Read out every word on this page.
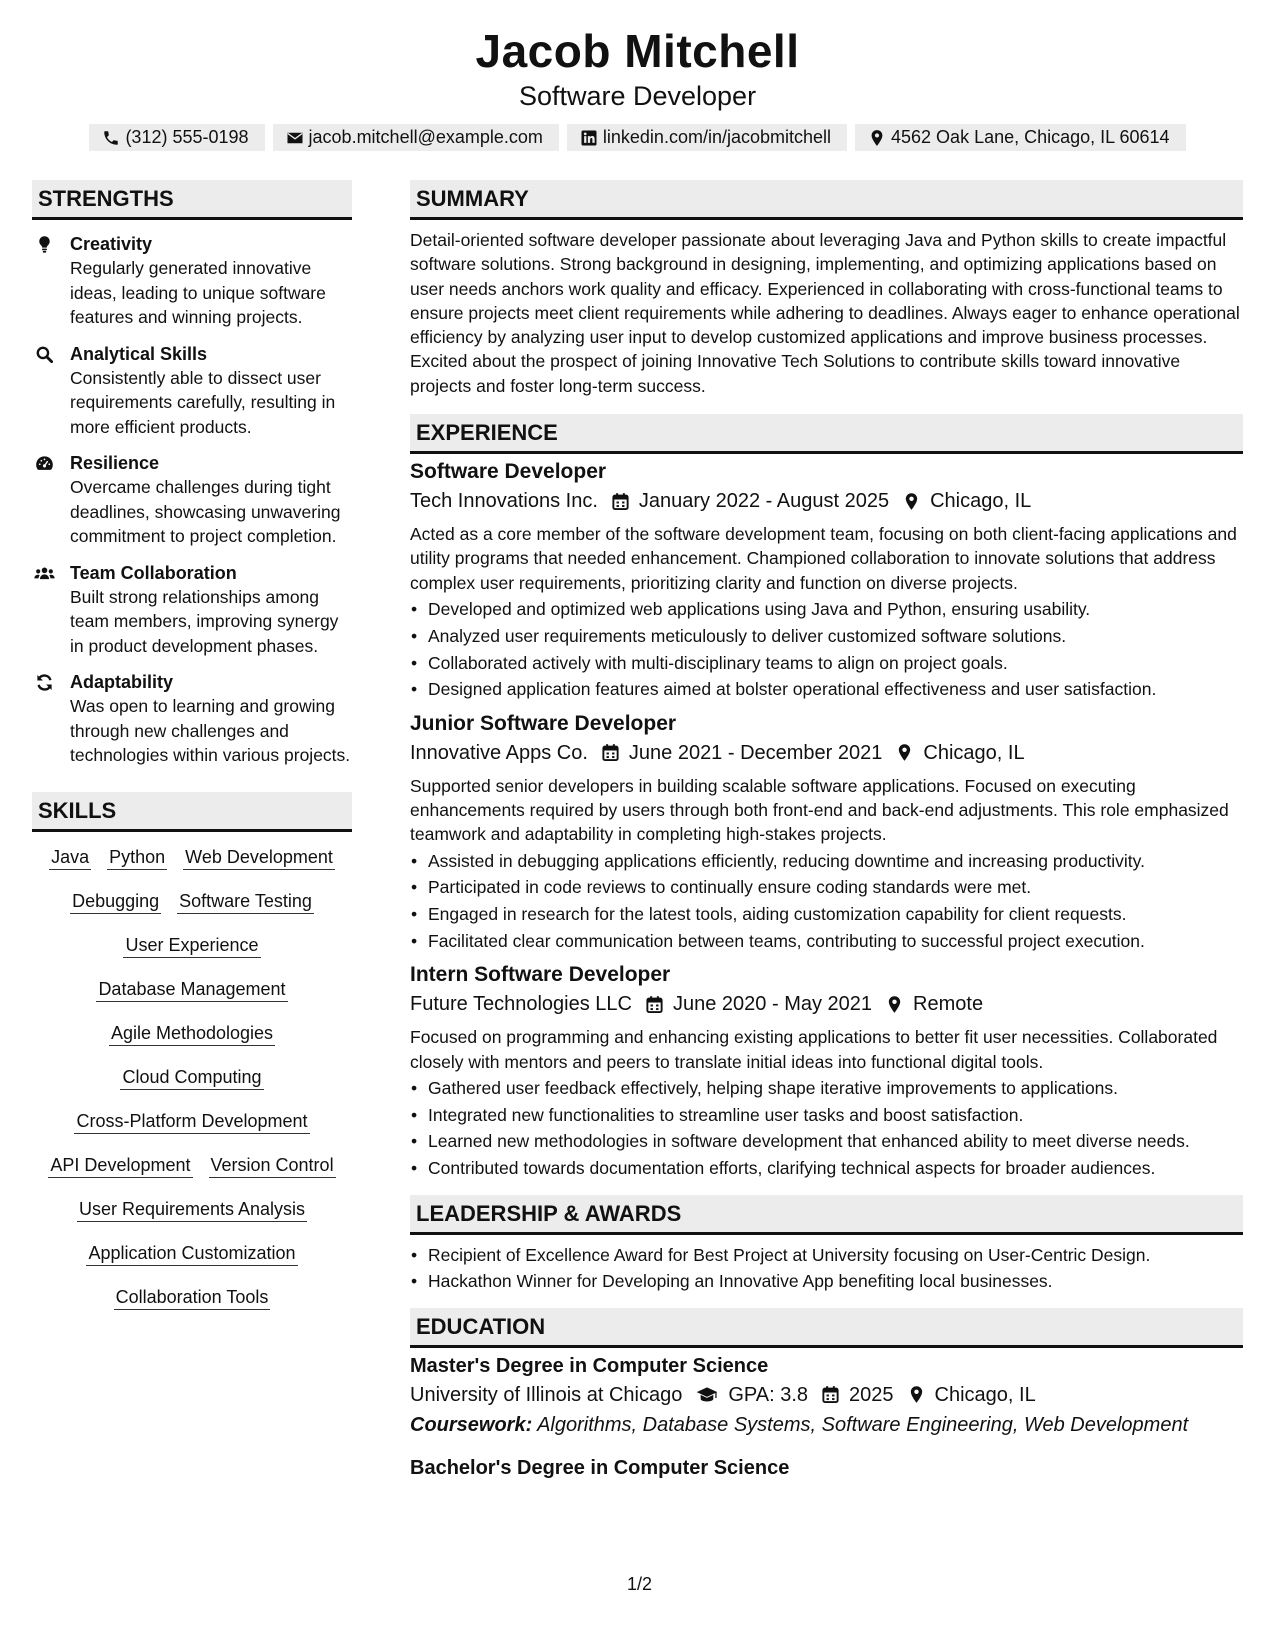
Jacob Mitchell
Software Developer
(312) 555-0198	jacob.mitchell@example.com	linkedin.com/in/jacobmitchell	4562 Oak Lane, Chicago, IL 60614
STRENGTHS
Creativity
Regularly generated innovative ideas, leading to unique software features and winning projects.
Analytical Skills
Consistently able to dissect user requirements carefully, resulting in more efficient products.
Resilience
Overcame challenges during tight deadlines, showcasing unwavering commitment to project completion.
Team Collaboration
Built strong relationships among team members, improving synergy in product development phases.
Adaptability
Was open to learning and growing through new challenges and technologies within various projects.
SKILLS
Java Python Web Development
Debugging Software Testing
User Experience
Database Management
Agile Methodologies
Cloud Computing
Cross-Platform Development
API Development Version Control
User Requirements Analysis
Application Customization
Collaboration Tools
SUMMARY
Detail-oriented software developer passionate about leveraging Java and Python skills to create impactful software solutions. Strong background in designing, implementing, and optimizing applications based on user needs anchors work quality and efficacy. Experienced in collaborating with cross-functional teams to ensure projects meet client requirements while adhering to deadlines. Always eager to enhance operational efficiency by analyzing user input to develop customized applications and improve business processes. Excited about the prospect of joining Innovative Tech Solutions to contribute skills toward innovative projects and foster long-term success.
EXPERIENCE
Software Developer
Tech Innovations Inc. January 2022 - August 2025 Chicago, IL
Acted as a core member of the software development team, focusing on both client-facing applications and utility programs that needed enhancement. Championed collaboration to innovate solutions that address complex user requirements, prioritizing clarity and function on diverse projects.
• Developed and optimized web applications using Java and Python, ensuring usability.
• Analyzed user requirements meticulously to deliver customized software solutions.
• Collaborated actively with multi-disciplinary teams to align on project goals.
• Designed application features aimed at bolster operational effectiveness and user satisfaction.
Junior Software Developer
Innovative Apps Co. June 2021 - December 2021 Chicago, IL
Supported senior developers in building scalable software applications. Focused on executing enhancements required by users through both front-end and back-end adjustments. This role emphasized teamwork and adaptability in completing high-stakes projects.
• Assisted in debugging applications efficiently, reducing downtime and increasing productivity.
• Participated in code reviews to continually ensure coding standards were met.
• Engaged in research for the latest tools, aiding customization capability for client requests.
• Facilitated clear communication between teams, contributing to successful project execution.
Intern Software Developer
Future Technologies LLC June 2020 - May 2021 Remote
Focused on programming and enhancing existing applications to better fit user necessities. Collaborated closely with mentors and peers to translate initial ideas into functional digital tools.
• Gathered user feedback effectively, helping shape iterative improvements to applications.
• Integrated new functionalities to streamline user tasks and boost satisfaction.
• Learned new methodologies in software development that enhanced ability to meet diverse needs.
• Contributed towards documentation efforts, clarifying technical aspects for broader audiences.
LEADERSHIP & AWARDS
• Recipient of Excellence Award for Best Project at University focusing on User-Centric Design.
• Hackathon Winner for Developing an Innovative App benefiting local businesses.
EDUCATION
Master's Degree in Computer Science
University of Illinois at Chicago GPA: 3.8 2025 Chicago, IL
Coursework: Algorithms, Database Systems, Software Engineering, Web Development
Bachelor's Degree in Computer Science
1/2
